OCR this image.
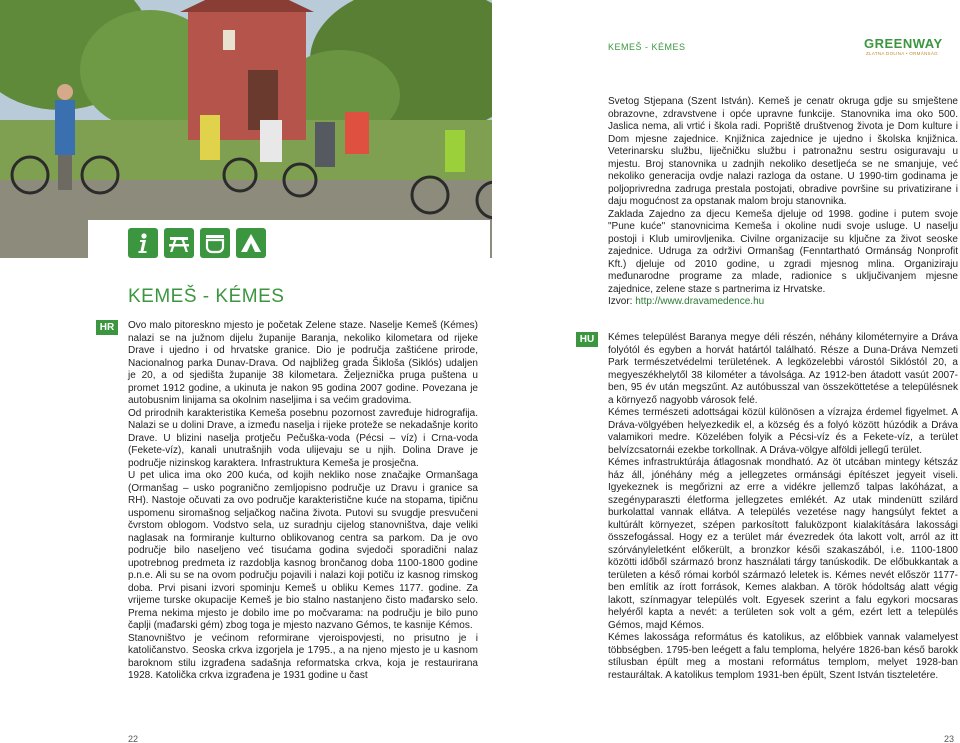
KEMEŠ - KÉMES
HR	Ovo malo pitoreskno mjesto je početak Zelene staze. Naselje Kemeš (Kémes) nalazi se na južnom dijelu županije Baranja, nekoliko kilometara od rijeke Drave i ujedno i od hrvatske granice. Dio je područja zaštićene prirode, Nacionalnog parka Dunav-Drava. Od najbližeg grada Šikloša (Siklós) udaljen je 20, a od sjedišta županije 38 kilometara. Željeznička pruga puštena u promet 1912 godine, a ukinuta je nakon 95 godina 2007 godine. Povezana je autobusnim linijama sa okolnim naseljima i sa većim gradovima.

Od prirodnih karakteristika Kemeša posebnu pozornost zavređuje hidrografija. Nalazi se u dolini Drave, a između naselja i rijeke proteže se nekadašnje korito Drave. U blizini naselja protječu Pečuška-voda (Pécsi – víz) i Crna-voda (Fekete-víz), kanali unutrašnjih voda ulijevaju se u njih. Dolina Drave je područje nizinskog karaktera. Infrastruktura Kemeša je prosječna.

U pet ulica ima oko 200 kuća, od kojih nekliko nose značajke Ormanšaga (Ormanšag – usko pogranično zemljopisno područje uz Dravu i granice sa RH). Nastoje očuvati za ovo područje karakteristične kuće na stopama, tipičnu uspomenu siromašnog seljačkog načina života. Putovi su svugdje presvučeni čvrstom oblogom. Vodstvo sela, uz suradnju cijelog stanovništva, daje veliki naglasak na formiranje kulturno oblikovanog centra sa parkom. Da je ovo područje bilo naseljeno već tisućama godina svjedoči sporadični nalaz upotrebnog predmeta iz razdoblja kasnog brončanog doba 1100-1800 godine p.n.e. Ali su se na ovom području pojavili i nalazi koji potiču iz kasnog rimskog doba. Prvi pisani izvori spominju Kemeš u obliku Kemes 1177. godine. Za vrijeme turske okupacije Kemeš je bio stalno nastanjeno čisto mađarsko selo. Prema nekima mjesto je dobilo ime po močvarama: na području je bilo puno čaplji (mađarski gém) zbog toga je mjesto nazvano Gémos, te kasnije Kémos.

Stanovništvo je većinom reformirane vjeroispovjesti, no prisutno je i katoličanstvo. Seoska crkva izgorjela je 1795., a na njeno mjesto je u kasnom baroknom stilu izgrađena sadašnja reformatska crkva, koja je restaurirana 1928. Katolička crkva izgrađena je 1931 godine u čast

22
KEMEŠ - KÉMES	GREENWAY
ZLATNA DOLINA • ORMÁNSÁG

Svetog Stjepana (Szent István). Kemeš je cenatr okruga gdje su smještene obrazovne, zdravstvene i opće upravne funkcije. Stanovnika ima oko 500. Jaslica nema, ali vrtić i škola radi. Popriště društvenog života je Dom kulture i Dom mjesne zajednice. Knjižnica zajednice je ujedno i školska knjižnica. Veterinarsku službu, liječničku službu i patronažnu sestru osiguravaju u mjestu. Broj stanovnika u zadnjih nekoliko desetljeća se ne smanjuje, već nekoliko generacija ovdje nalazi razloga da ostane. U 1990-tim godinama je poljoprivredna zadruga prestala postojati, obradive površine su privatizirane i daju mogućnost za opstanak malom broju stanovnika.

Zaklada Zajedno za djecu Kemeša djeluje od 1998. godine i putem svoje "Pune kuće" stanovnicima Kemeša i okoline nudi svoje usluge. U naselju postoji i Klub umirovljenika. Civilne organizacije su ključne za život seoske zajednice. Udruga za održivi Ormanšag (Fenntartható Ormánság Nonprofit Kft.) djeluje od 2010 godine, u zgradi mjesnog mlina. Organiziraju međunarodne programe za mlade, radionice s uključivanjem mjesne zajednice, zelene staze s partnerima iz Hrvatske.

Izvor: http://www.dravamedence.hu

HU	Kémes települést Baranya megye déli részén, néhány kilométernyire a Dráva folyótól és egyben a horvát határtól található. Része a Duna-Dráva Nemzeti Park természetvédelmi területének. A legközelebbi várostól Siklóstól 20, a megyeszékhelytől 38 kilométer a távolsága. Az 1912-ben átadott vasút 2007-ben, 95 év után megszűnt. Az autóbusszal van összeköttetése a településnek a környező nagyobb városok felé.

Kémes természeti adottságai közül különösen a vízrajza érdemel figyelmet. A Dráva-völgyében helyezkedik el, a község és a folyó között húzódik a Dráva valamikori medre. Közelében folyik a Pécsi-víz és a Fekete-víz, a terület belvízcsatornái ezekbe torkollnak. A Dráva-völgye alföldi jellegű terület.

Kémes infrastruktúrája átlagosnak mondható. Az öt utcában mintegy kétszáz ház áll, jónéhány még a jellegzetes ormánsági építészet jegyeit viseli. Igyekeznek is megőrizni az erre a vidékre jellemző talpas lakóházat, a szegényparaszti életforma jellegzetes emlékét. Az utak mindenütt szilárd burkolattal vannak ellátva. A település vezetése nagy hangsúlyt fektet a kultúrált környezet, szépen parkosított faluközpont kialakítására lakossági összefogással. Hogy ez a terület már évezredek óta lakott volt, arról az itt szórványleletként előkerült, a bronzkor késői szakaszából, i.e. 1100-1800 közötti időből származó bronz használati tárgy tanúskodik. De előbukkantak a területen a késő római korból származó leletek is. Kémes nevét először 1177-ben említik az írott források, Kemes alakban. A török hódoltság alatt végig lakott, színmagyar település volt. Egyesek szerint a falu egykori mocsaras helyéről kapta a nevét: a területen sok volt a gém, ezért lett a település Gémos, majd Kémos.

Kémes lakossága református és katolikus, az előbbiek vannak valamelyest többségben. 1795-ben leégett a falu temploma, helyére 1826-ban késő barokk stílusban épült meg a mostani református templom, melyet 1928-ban restauráltak. A katolikus templom 1931-ben épült, Szent István tiszteletére.

23
